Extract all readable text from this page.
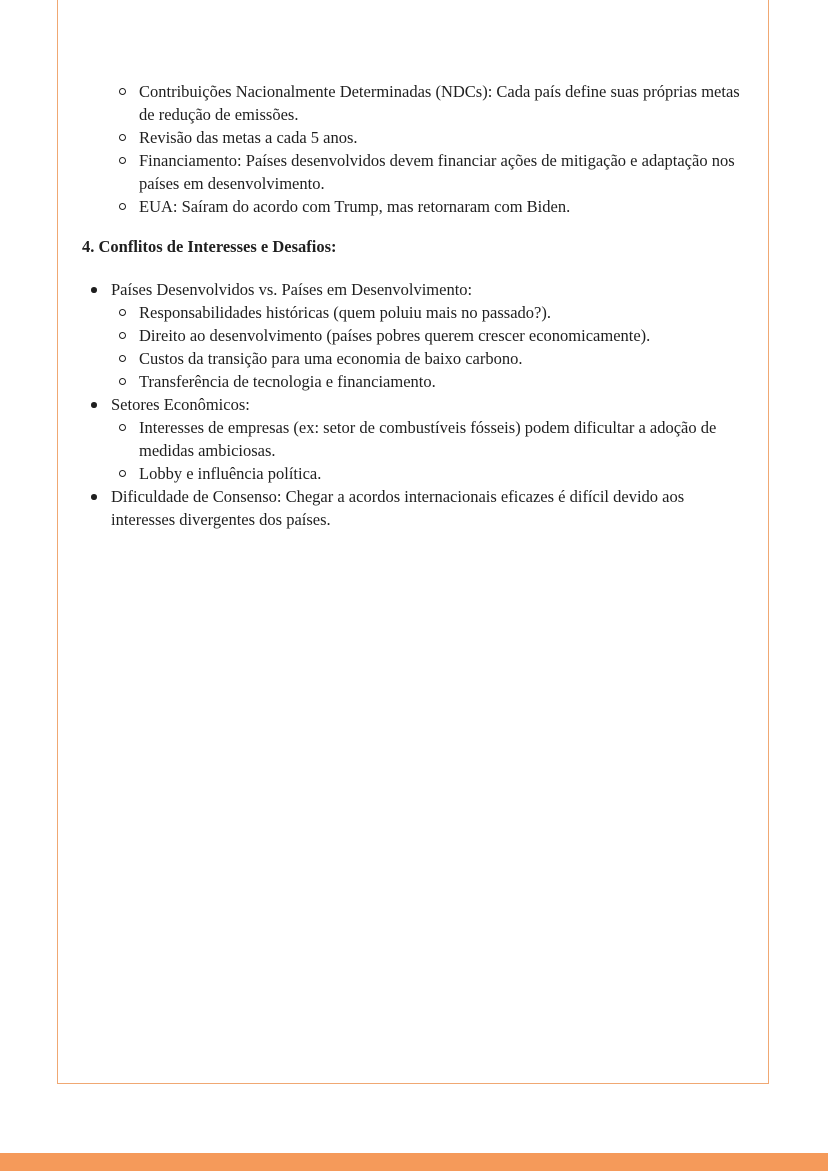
Contribuições Nacionalmente Determinadas (NDCs): Cada país define suas próprias metas de redução de emissões.
Revisão das metas a cada 5 anos.
Financiamento: Países desenvolvidos devem financiar ações de mitigação e adaptação nos países em desenvolvimento.
EUA: Saíram do acordo com Trump, mas retornaram com Biden.
4. Conflitos de Interesses e Desafios:
Países Desenvolvidos vs. Países em Desenvolvimento:
Responsabilidades históricas (quem poluiu mais no passado?).
Direito ao desenvolvimento (países pobres querem crescer economicamente).
Custos da transição para uma economia de baixo carbono.
Transferência de tecnologia e financiamento.
Setores Econômicos:
Interesses de empresas (ex: setor de combustíveis fósseis) podem dificultar a adoção de medidas ambiciosas.
Lobby e influência política.
Dificuldade de Consenso: Chegar a acordos internacionais eficazes é difícil devido aos interesses divergentes dos países.
